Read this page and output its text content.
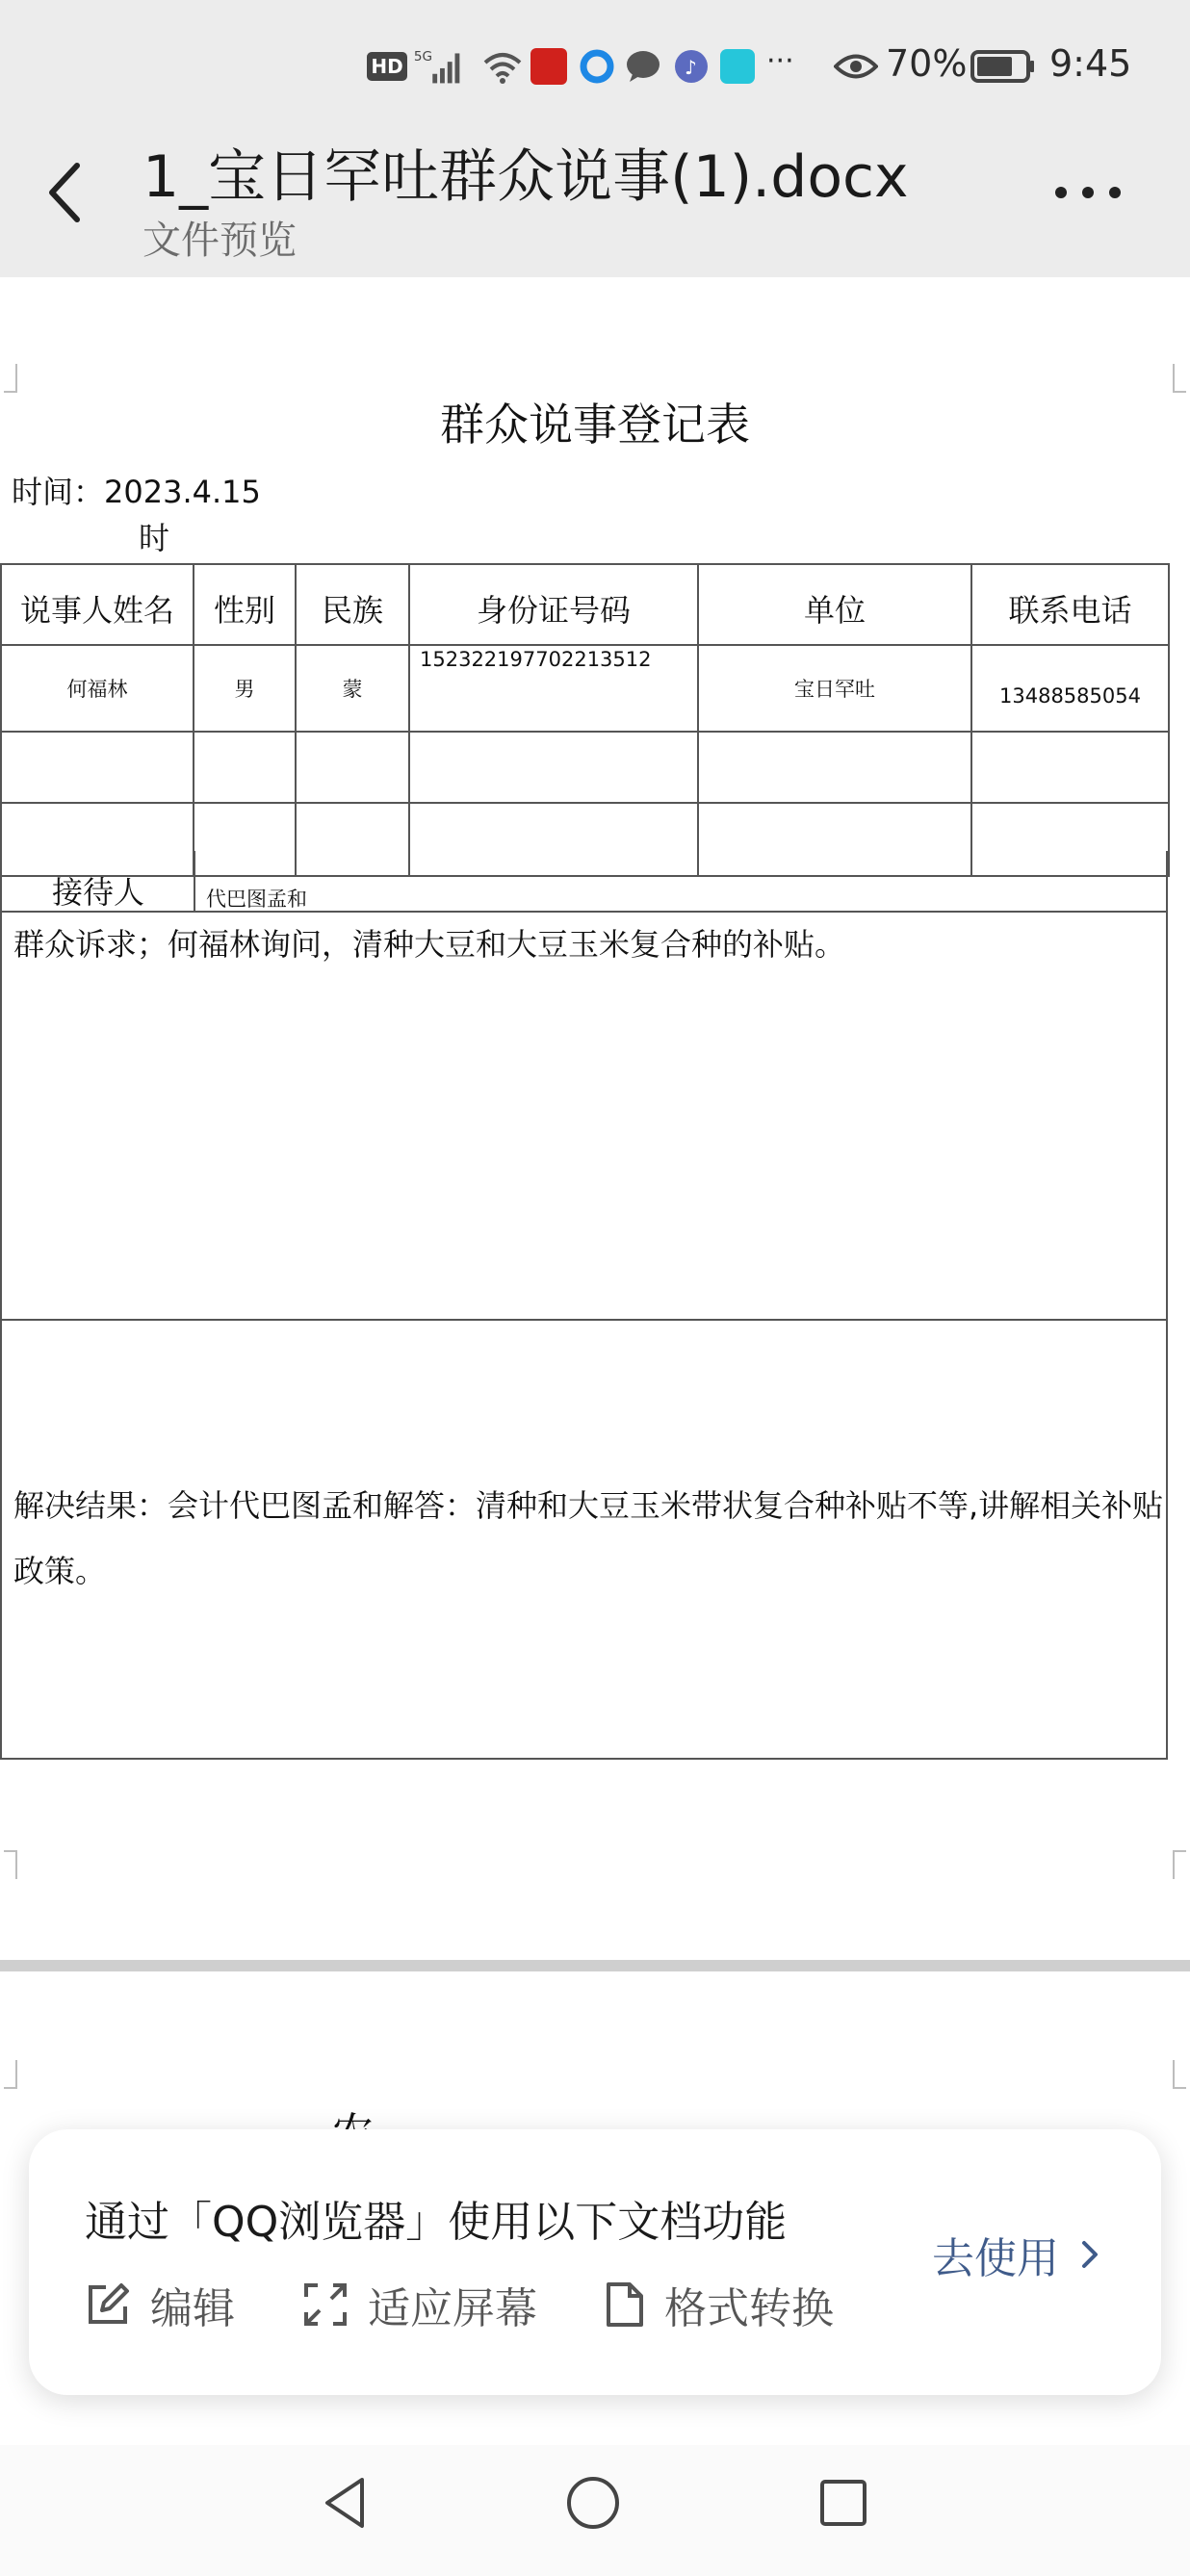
HD 5G	♪ ···	70% 9:45
1_宝日罕吐群众说事(1).docx
文件预览
群众说事登记表
时间：2023.4.15
时
说事人姓名	性别	民族	身份证号码	单位	联系电话
何福林	男	蒙	152322197702213512	宝日罕吐	13488585054

接待人	代巴图孟和
群众诉求；何福林询问，清种大豆和大豆玉米复合种的补贴。
解决结果：会计代巴图孟和解答：清种和大豆玉米带状复合种补贴不等,讲解相关补贴政策。
通过「QQ浏览器」使用以下文档功能
编辑	适应屏幕	格式转换
去使用
